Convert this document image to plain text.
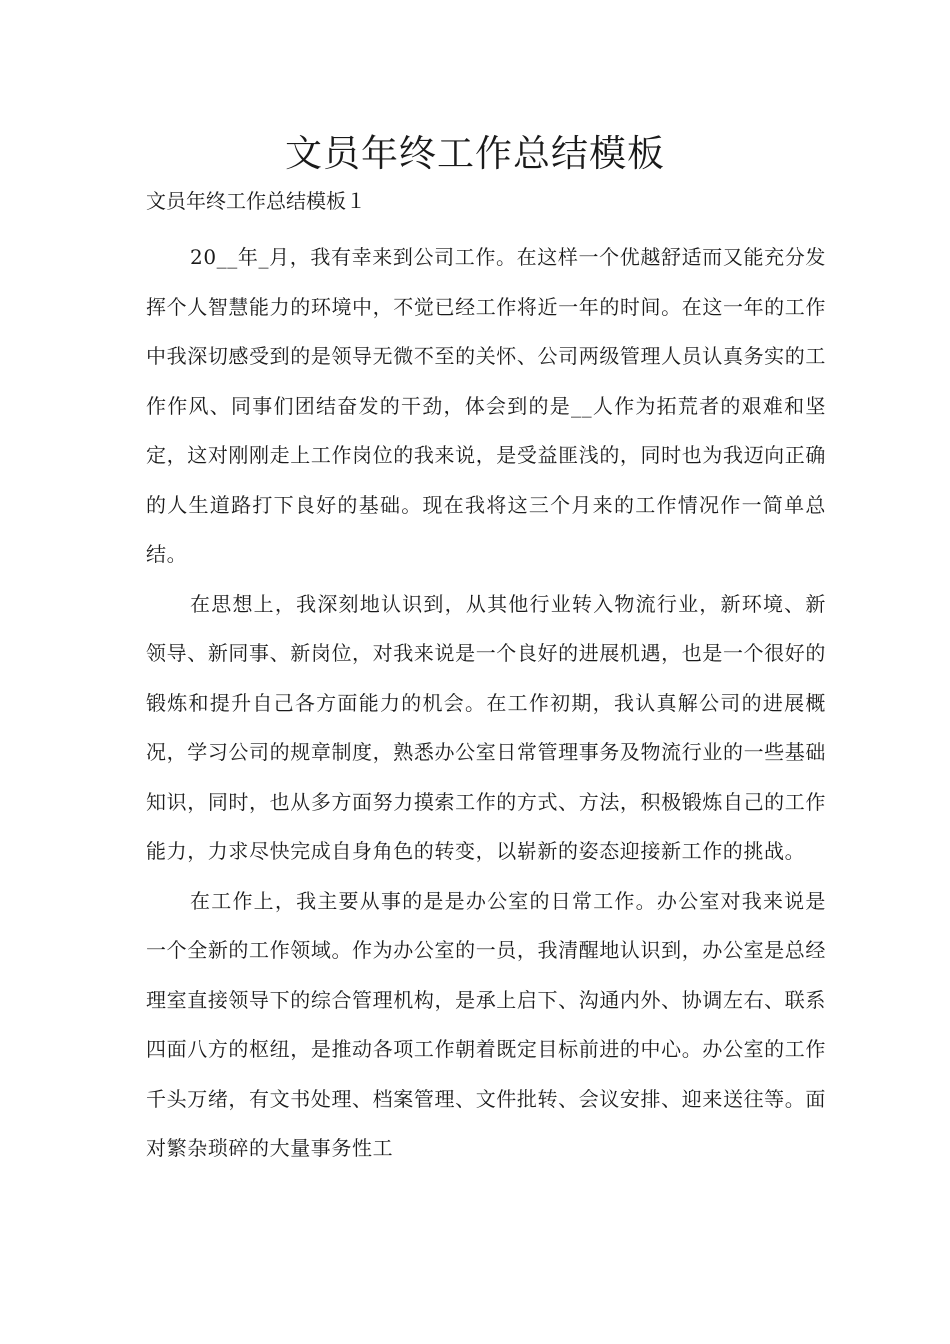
文员年终工作总结模板

文员年终工作总结模板１

20__年_月，我有幸来到公司工作。在这样一个优越舒适而又能充分发挥个人智慧能力的环境中，不觉已经工作将近一年的时间。在这一年的工作中我深切感受到的是领导无微不至的关怀、公司两级管理人员认真务实的工作作风、同事们团结奋发的干劲，体会到的是__人作为拓荒者的艰难和坚定，这对刚刚走上工作岗位的我来说，是受益匪浅的，同时也为我迈向正确的人生道路打下良好的基础。现在我将这三个月来的工作情况作一简单总结。

在思想上，我深刻地认识到，从其他行业转入物流行业，新环境、新领导、新同事、新岗位，对我来说是一个良好的进展机遇，也是一个很好的锻炼和提升自己各方面能力的机会。在工作初期，我认真解公司的进展概况，学习公司的规章制度，熟悉办公室日常管理事务及物流行业的一些基础知识，同时，也从多方面努力摸索工作的方式、方法，积极锻炼自己的工作能力，力求尽快完成自身角色的转变，以崭新的姿态迎接新工作的挑战。

在工作上，我主要从事的是是办公室的日常工作。办公室对我来说是一个全新的工作领域。作为办公室的一员，我清醒地认识到，办公室是总经理室直接领导下的综合管理机构，是承上启下、沟通内外、协调左右、联系四面八方的枢纽，是推动各项工作朝着既定目标前进的中心。办公室的工作千头万绪，有文书处理、档案管理、文件批转、会议安排、迎来送往等。面对繁杂琐碎的大量事务性工
